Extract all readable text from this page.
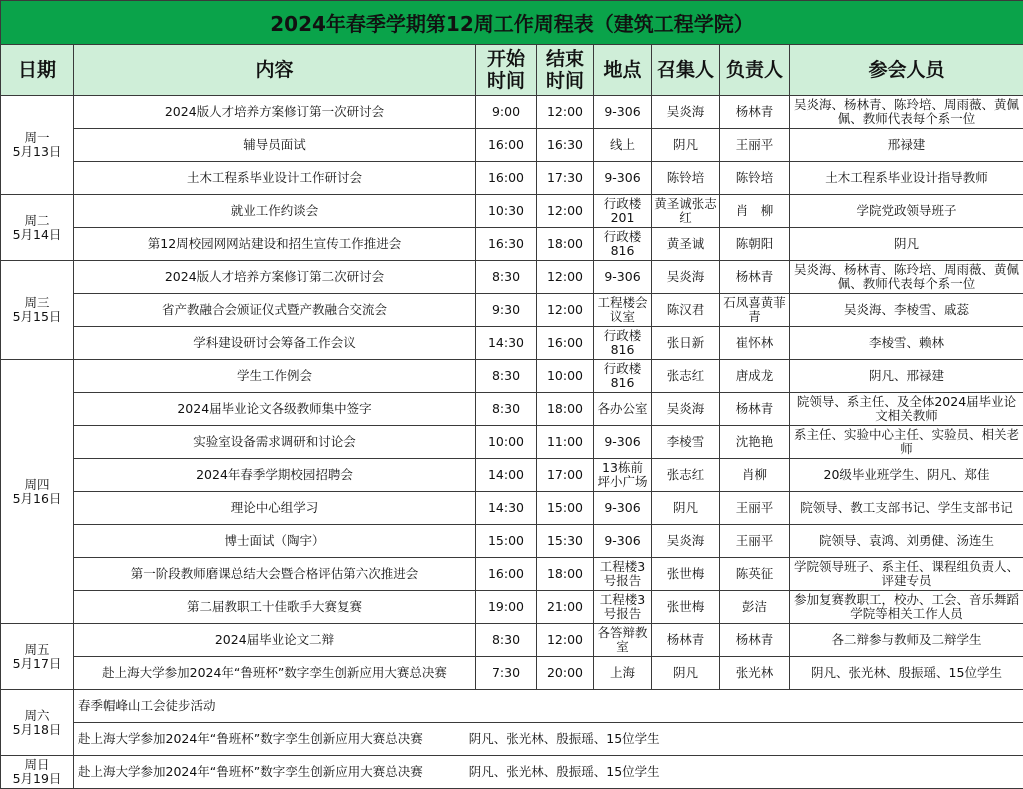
2024年春季学期第12周工作周程表（建筑工程学院）							
日期	内容	开始时间	结束时间	地点	召集人	负责人	参会人员
周一
5月13日	2024版人才培养方案修订第一次研讨会	9:00	12:00	9-306	吴炎海	杨林青	吴炎海、杨林青、陈玲培、周雨薇、黄佩佩、教师代表每个系一位
	辅导员面试	16:00	16:30	线上	阴凡	王丽平	邢禄建
	土木工程系毕业设计工作研讨会	16:00	17:30	9-306	陈铃培	陈铃培	土木工程系毕业设计指导教师
周二
5月14日	就业工作约谈会	10:30	12:00	行政楼201	黄圣诚张志红	肖　柳	学院党政领导班子
	第12周校园网网站建设和招生宣传工作推进会	16:30	18:00	行政楼816	黄圣诚	陈朝阳	阴凡
周三
5月15日	2024版人才培养方案修订第二次研讨会	8:30	12:00	9-306	吴炎海	杨林青	吴炎海、杨林青、陈玲培、周雨薇、黄佩佩、教师代表每个系一位
	省产教融合会颁证仪式暨产教融合交流会	9:30	12:00	工程楼会议室	陈汉君	石凤喜黄菲青	吴炎海、李棱雪、戚蕊
	学科建设研讨会筹备工作会议	14:30	16:00	行政楼816	张日新	崔怀林	李棱雪、赖林
周四
5月16日	学生工作例会	8:30	10:00	行政楼816	张志红	唐成龙	阴凡、邢禄建
	2024届毕业论文各级教师集中签字	8:30	18:00	各办公室	吴炎海	杨林青	院领导、系主任、及全体2024届毕业论文相关教师
	实验室设备需求调研和讨论会	10:00	11:00	9-306	李棱雪	沈艳艳	系主任、实验中心主任、实验员、相关老师
	2024年春季学期校园招聘会	14:00	17:00	13栋前坪小广场	张志红	肖柳	20级毕业班学生、阴凡、郑佳
	理论中心组学习	14:30	15:00	9-306	阴凡	王丽平	院领导、教工支部书记、学生支部书记
	博士面试（陶宇）	15:00	15:30	9-306	吴炎海	王丽平	院领导、袁鸿、刘勇健、汤连生
	第一阶段教师磨课总结大会暨合格评估第六次推进会	16:00	18:00	工程楼3号报告	张世梅	陈英征	学院领导班子、系主任、课程组负责人、评建专员
	第二届教职工十佳歌手大赛复赛	19:00	21:00	工程楼3号报告	张世梅	彭洁	参加复赛教职工，校办、工会、音乐舞蹈学院等相关工作人员
周五
5月17日	2024届毕业论文二辩	8:30	12:00	各答辩教室	杨林青	杨林青	各二辩参与教师及二辩学生
	赴上海大学参加2024年“鲁班杯”数字孪生创新应用大赛总决赛	7:30	20:00	上海	阴凡	张光林	阴凡、张光林、殷振瑶、15位学生
周六
5月18日	春季帽峰山工会徒步活动						
	赴上海大学参加2024年“鲁班杯”数字孪生创新应用大赛总决赛 阴凡、张光林、殷振瑶、15位学生						
周日
5月19日	赴上海大学参加2024年“鲁班杯”数字孪生创新应用大赛总决赛 阴凡、张光林、殷振瑶、15位学生						
